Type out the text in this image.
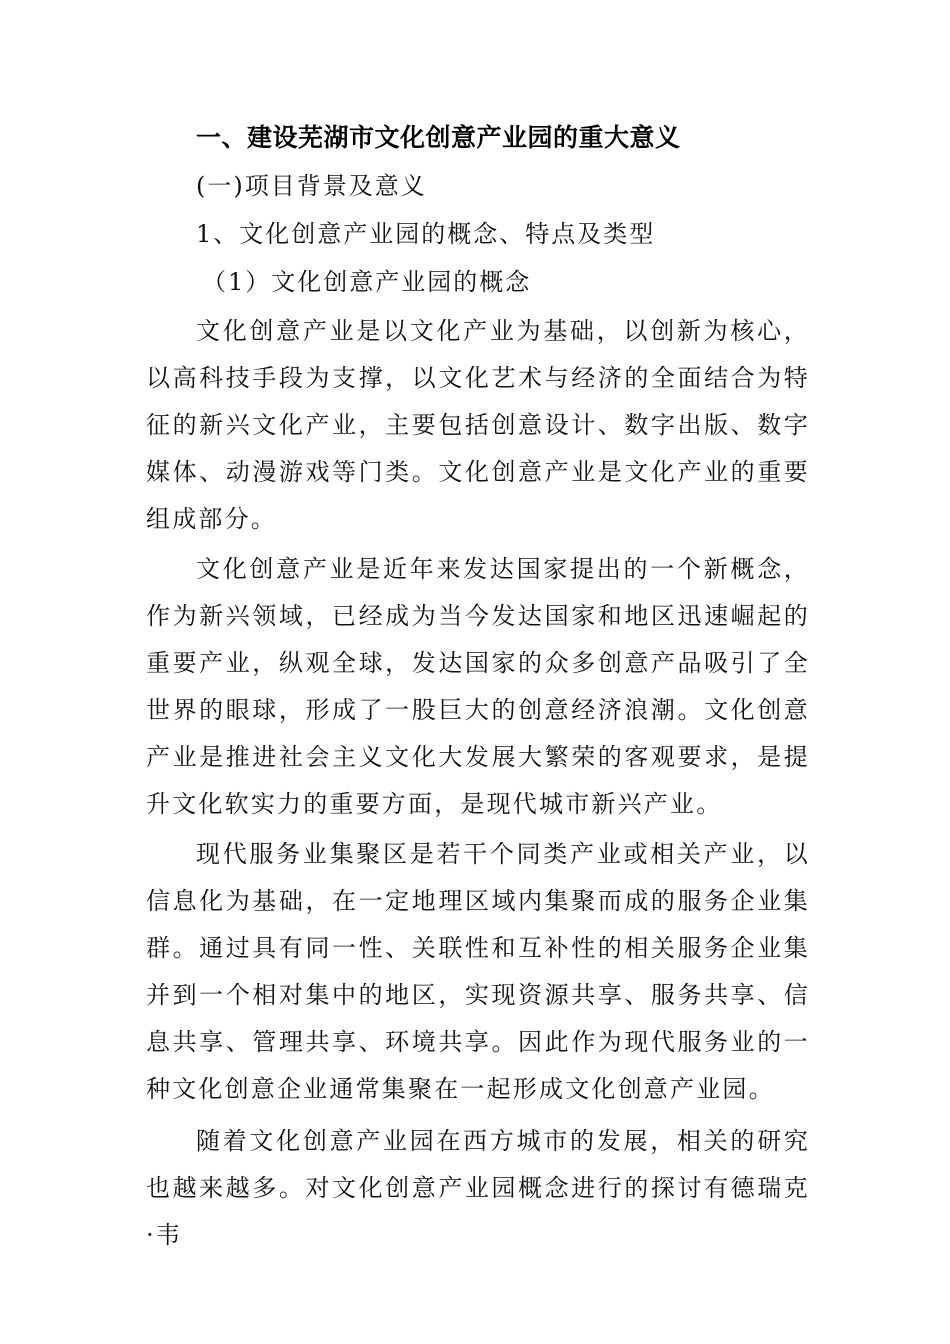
一、建设芜湖市文化创意产业园的重大意义
(一)项目背景及意义
1、文化创意产业园的概念、特点及类型
（1）文化创意产业园的概念

文化创意产业是以文化产业为基础，以创新为核心，以高科技手段为支撑，以文化艺术与经济的全面结合为特征的新兴文化产业，主要包括创意设计、数字出版、数字媒体、动漫游戏等门类。文化创意产业是文化产业的重要组成部分。

文化创意产业是近年来发达国家提出的一个新概念，作为新兴领域，已经成为当今发达国家和地区迅速崛起的重要产业，纵观全球，发达国家的众多创意产品吸引了全世界的眼球，形成了一股巨大的创意经济浪潮。文化创意产业是推进社会主义文化大发展大繁荣的客观要求，是提升文化软实力的重要方面，是现代城市新兴产业。

现代服务业集聚区是若干个同类产业或相关产业，以信息化为基础，在一定地理区域内集聚而成的服务企业集群。通过具有同一性、关联性和互补性的相关服务企业集并到一个相对集中的地区，实现资源共享、服务共享、信息共享、管理共享、环境共享。因此作为现代服务业的一种文化创意企业通常集聚在一起形成文化创意产业园。

随着文化创意产业园在西方城市的发展，相关的研究也越来越多。对文化创意产业园概念进行的探讨有德瑞克·韦
